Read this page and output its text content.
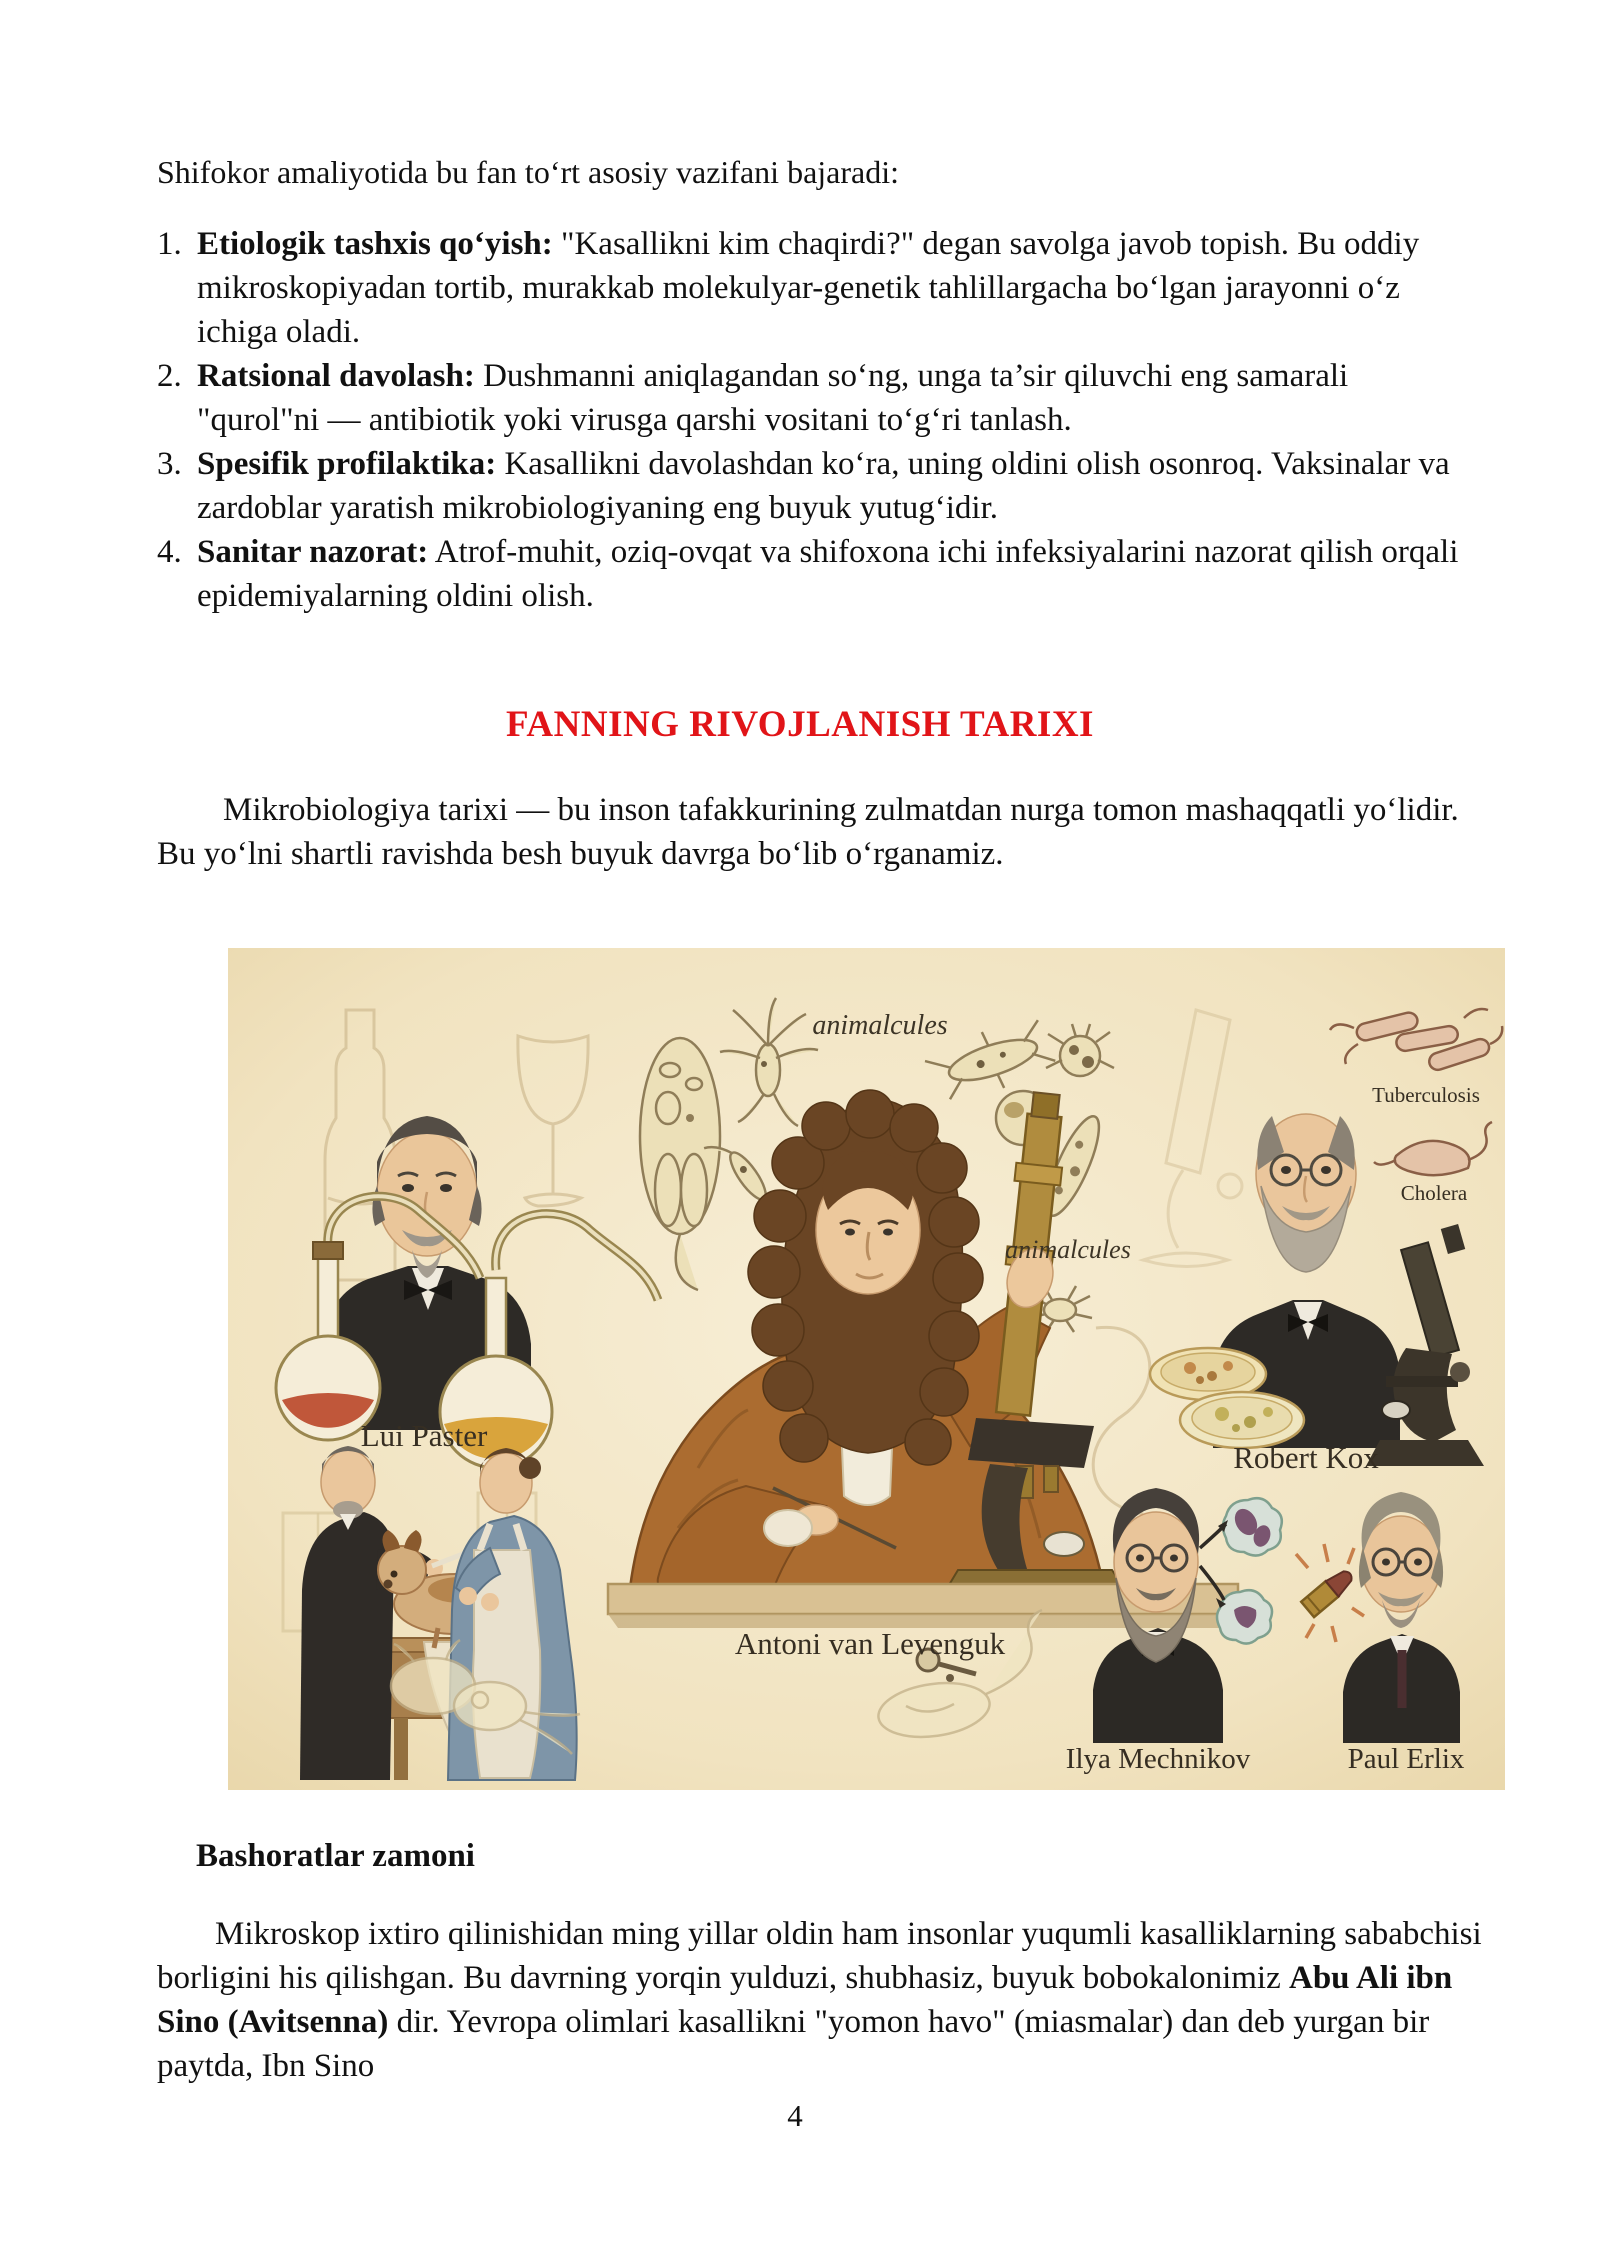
Shifokor amaliyotida bu fan to‘rt asosiy vazifani bajaradi:
1. Etiologik tashxis qo‘yish: "Kasallikni kim chaqirdi?" degan savolga javob topish. Bu oddiy mikroskopiyadan tortib, murakkab molekulyar-genetik tahlillargacha bo‘lgan jarayonni o‘z ichiga oladi.
2. Ratsional davolash: Dushmanni aniqlagandan so‘ng, unga ta’sir qiluvchi eng samarali "qurol"ni — antibiotik yoki virusga qarshi vositani to‘g‘ri tanlash.
3. Spesifik profilaktika: Kasallikni davolashdan ko‘ra, uning oldini olish osonroq. Vaksinalar va zardoblar yaratish mikrobiologiyaning eng buyuk yutug‘idir.
4. Sanitar nazorat: Atrof-muhit, oziq-ovqat va shifoxona ichi infeksiyalarini nazorat qilish orqali epidemiyalarning oldini olish.
FANNING RIVOJLANISH TARIXI
Mikrobiologiya tarixi — bu inson tafakkurining zulmatdan nurga tomon mashaqqatli yo‘lidir. Bu yo‘lni shartli ravishda besh buyuk davrga bo‘lib o‘rganamiz.
Lui Paster
animalcules
animalcules
Antoni van Levenguk
Robert Kox
Tuberculosis
Cholera
Ilya Mechnikov	Paul Erlix
Bashoratlar zamoni
Mikroskop ixtiro qilinishidan ming yillar oldin ham insonlar yuqumli kasalliklarning sababchisi borligini his qilishgan. Bu davrning yorqin yulduzi, shubhasiz, buyuk bobokalonimiz Abu Ali ibn Sino (Avitsenna) dir. Yevropa olimlari kasallikni "yomon havo" (miasmalar) dan deb yurgan bir paytda, Ibn Sino
4
